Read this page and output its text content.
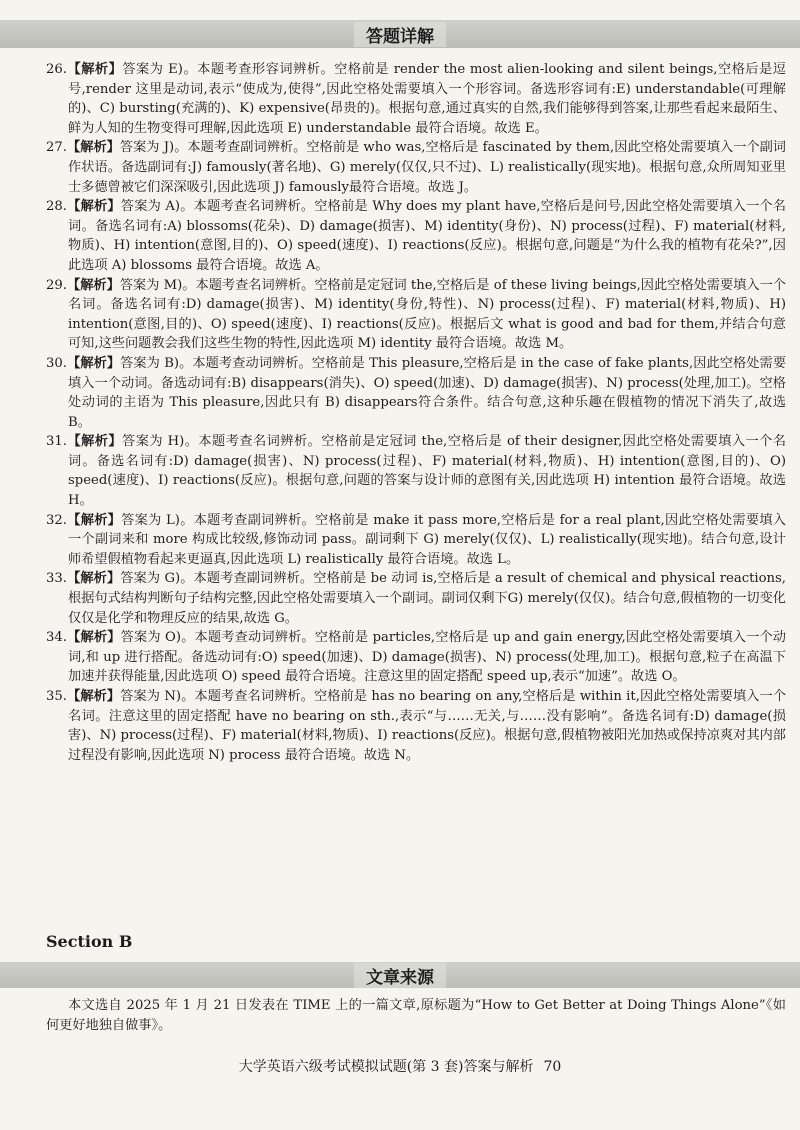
答题详解

26.【解析】答案为 E)。本题考查形容词辨析。空格前是 render the most alien-looking and silent beings,空格后是逗号,render 这里是动词,表示“使成为,使得”,因此空格处需要填入一个形容词。备选形容词有:E) understandable(可理解的)、C) bursting(充满的)、K) expensive(昂贵的)。根据句意,通过真实的自然,我们能够得到答案,让那些看起来最陌生、鲜为人知的生物变得可理解,因此选项 E) understandable 最符合语境。故选 E。

27.【解析】答案为 J)。本题考查副词辨析。空格前是 who was,空格后是 fascinated by them,因此空格处需要填入一个副词作状语。备选副词有:J) famously(著名地)、G) merely(仅仅,只不过)、L) realistically(现实地)。根据句意,众所周知亚里士多德曾被它们深深吸引,因此选项 J) famously最符合语境。故选 J。

28.【解析】答案为 A)。本题考查名词辨析。空格前是 Why does my plant have,空格后是问号,因此空格处需要填入一个名词。备选名词有:A) blossoms(花朵)、D) damage(损害)、M) identity(身份)、N) process(过程)、F) material(材料,物质)、H) intention(意图,目的)、O) speed(速度)、I) reactions(反应)。根据句意,问题是“为什么我的植物有花朵?”,因此选项 A) blossoms 最符合语境。故选 A。

29.【解析】答案为 M)。本题考查名词辨析。空格前是定冠词 the,空格后是 of these living beings,因此空格处需要填入一个名词。备选名词有:D) damage(损害)、M) identity(身份,特性)、N) process(过程)、F) material(材料,物质)、H) intention(意图,目的)、O) speed(速度)、I) reactions(反应)。根据后文 what is good and bad for them,并结合句意可知,这些问题教会我们这些生物的特性,因此选项 M) identity 最符合语境。故选 M。

30.【解析】答案为 B)。本题考查动词辨析。空格前是 This pleasure,空格后是 in the case of fake plants,因此空格处需要填入一个动词。备选动词有:B) disappears(消失)、O) speed(加速)、D) damage(损害)、N) process(处理,加工)。空格处动词的主语为 This pleasure,因此只有 B) disappears符合条件。结合句意,这种乐趣在假植物的情况下消失了,故选 B。

31.【解析】答案为 H)。本题考查名词辨析。空格前是定冠词 the,空格后是 of their designer,因此空格处需要填入一个名词。备选名词有:D) damage(损害)、N) process(过程)、F) material(材料,物质)、H) intention(意图,目的)、O) speed(速度)、I) reactions(反应)。根据句意,问题的答案与设计师的意图有关,因此选项 H) intention 最符合语境。故选 H。

32.【解析】答案为 L)。本题考查副词辨析。空格前是 make it pass more,空格后是 for a real plant,因此空格处需要填入一个副词来和 more 构成比较级,修饰动词 pass。副词剩下 G) merely(仅仅)、L) realistically(现实地)。结合句意,设计师希望假植物看起来更逼真,因此选项 L) realistically 最符合语境。故选 L。

33.【解析】答案为 G)。本题考查副词辨析。空格前是 be 动词 is,空格后是 a result of chemical and physical reactions,根据句式结构判断句子结构完整,因此空格处需要填入一个副词。副词仅剩下G) merely(仅仅)。结合句意,假植物的一切变化仅仅是化学和物理反应的结果,故选 G。

34.【解析】答案为 O)。本题考查动词辨析。空格前是 particles,空格后是 up and gain energy,因此空格处需要填入一个动词,和 up 进行搭配。备选动词有:O) speed(加速)、D) damage(损害)、N) process(处理,加工)。根据句意,粒子在高温下加速并获得能量,因此选项 O) speed 最符合语境。注意这里的固定搭配 speed up,表示“加速”。故选 O。

35.【解析】答案为 N)。本题考查名词辨析。空格前是 has no bearing on any,空格后是 within it,因此空格处需要填入一个名词。注意这里的固定搭配 have no bearing on sth.,表示“与……无关,与……没有影响”。备选名词有:D) damage(损害)、N) process(过程)、F) material(材料,物质)、I) reactions(反应)。根据句意,假植物被阳光加热或保持凉爽对其内部过程没有影响,因此选项 N) process 最符合语境。故选 N。

Section B
文章来源
本文选自 2025 年 1 月 21 日发表在 TIME 上的一篇文章,原标题为“How to Get Better at Doing Things Alone”《如何更好地独自做事》。
大学英语六级考试模拟试题(第 3 套)答案与解析 70
